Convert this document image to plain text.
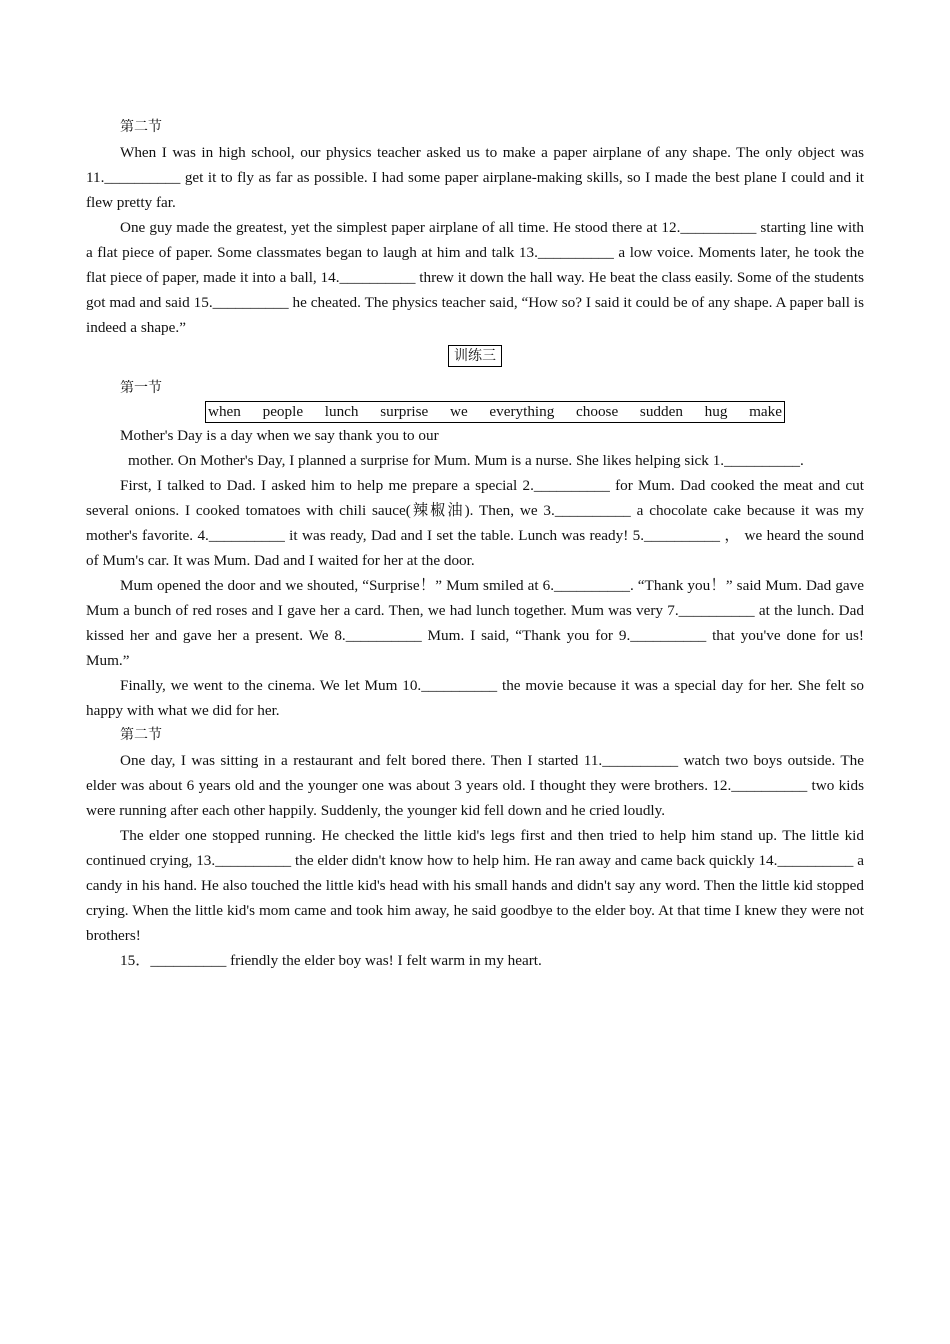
第二节

When I was in high school, our physics teacher asked us to make a paper airplane of any shape. The only object was 11.__________ get it to fly as far as possible. I had some paper airplane-making skills, so I made the best plane I could and it flew pretty far.

One guy made the greatest, yet the simplest paper airplane of all time. He stood there at 12.__________ starting line with a flat piece of paper. Some classmates began to laugh at him and talk 13.__________ a low voice. Moments later, he took the flat piece of paper, made it into a ball, 14.__________ threw it down the hall way. He beat the class easily. Some of the students got mad and said 15.__________ he cheated. The physics teacher said, “How so? I said it could be of any shape. A paper ball is indeed a shape.”

训练三

第一节

when people lunch surprise we everything choose sudden hug make

Mother's Day is a day when we say thank you to our

mother. On Mother's Day, I planned a surprise for Mum. Mum is a nurse. She likes helping sick 1.__________.

First, I talked to Dad. I asked him to help me prepare a special 2.__________ for Mum. Dad cooked the meat and cut several onions. I cooked tomatoes with chili sauce(辣椒油). Then, we 3.__________ a chocolate cake because it was my mother's favorite. 4.__________ it was ready, Dad and I set the table. Lunch was ready! 5.__________ ， we heard the sound of Mum's car. It was Mum. Dad and I waited for her at the door.

Mum opened the door and we shouted, “Surprise！” Mum smiled at 6.__________. “Thank you！” said Mum. Dad gave Mum a bunch of red roses and I gave her a card. Then, we had lunch together. Mum was very 7.__________ at the lunch. Dad kissed her and gave her a present. We 8.__________ Mum. I said, “Thank you for 9.__________ that you've done for us! Mum.”

Finally, we went to the cinema. We let Mum 10.__________ the movie because it was a special day for her. She felt so happy with what we did for her.

第二节

One day, I was sitting in a restaurant and felt bored there. Then I started 11.__________ watch two boys outside. The elder was about 6 years old and the younger one was about 3 years old. I thought they were brothers. 12.__________ two kids were running after each other happily. Suddenly, the younger kid fell down and he cried loudly.

The elder one stopped running. He checked the little kid's legs first and then tried to help him stand up. The little kid continued crying, 13.__________ the elder didn't know how to help him. He ran away and came back quickly 14.__________ a candy in his hand. He also touched the little kid's head with his small hands and didn't say any word. Then the little kid stopped crying. When the little kid's mom came and took him away, he said goodbye to the elder boy. At that time I knew they were not brothers!

15．__________ friendly the elder boy was! I felt warm in my heart.
